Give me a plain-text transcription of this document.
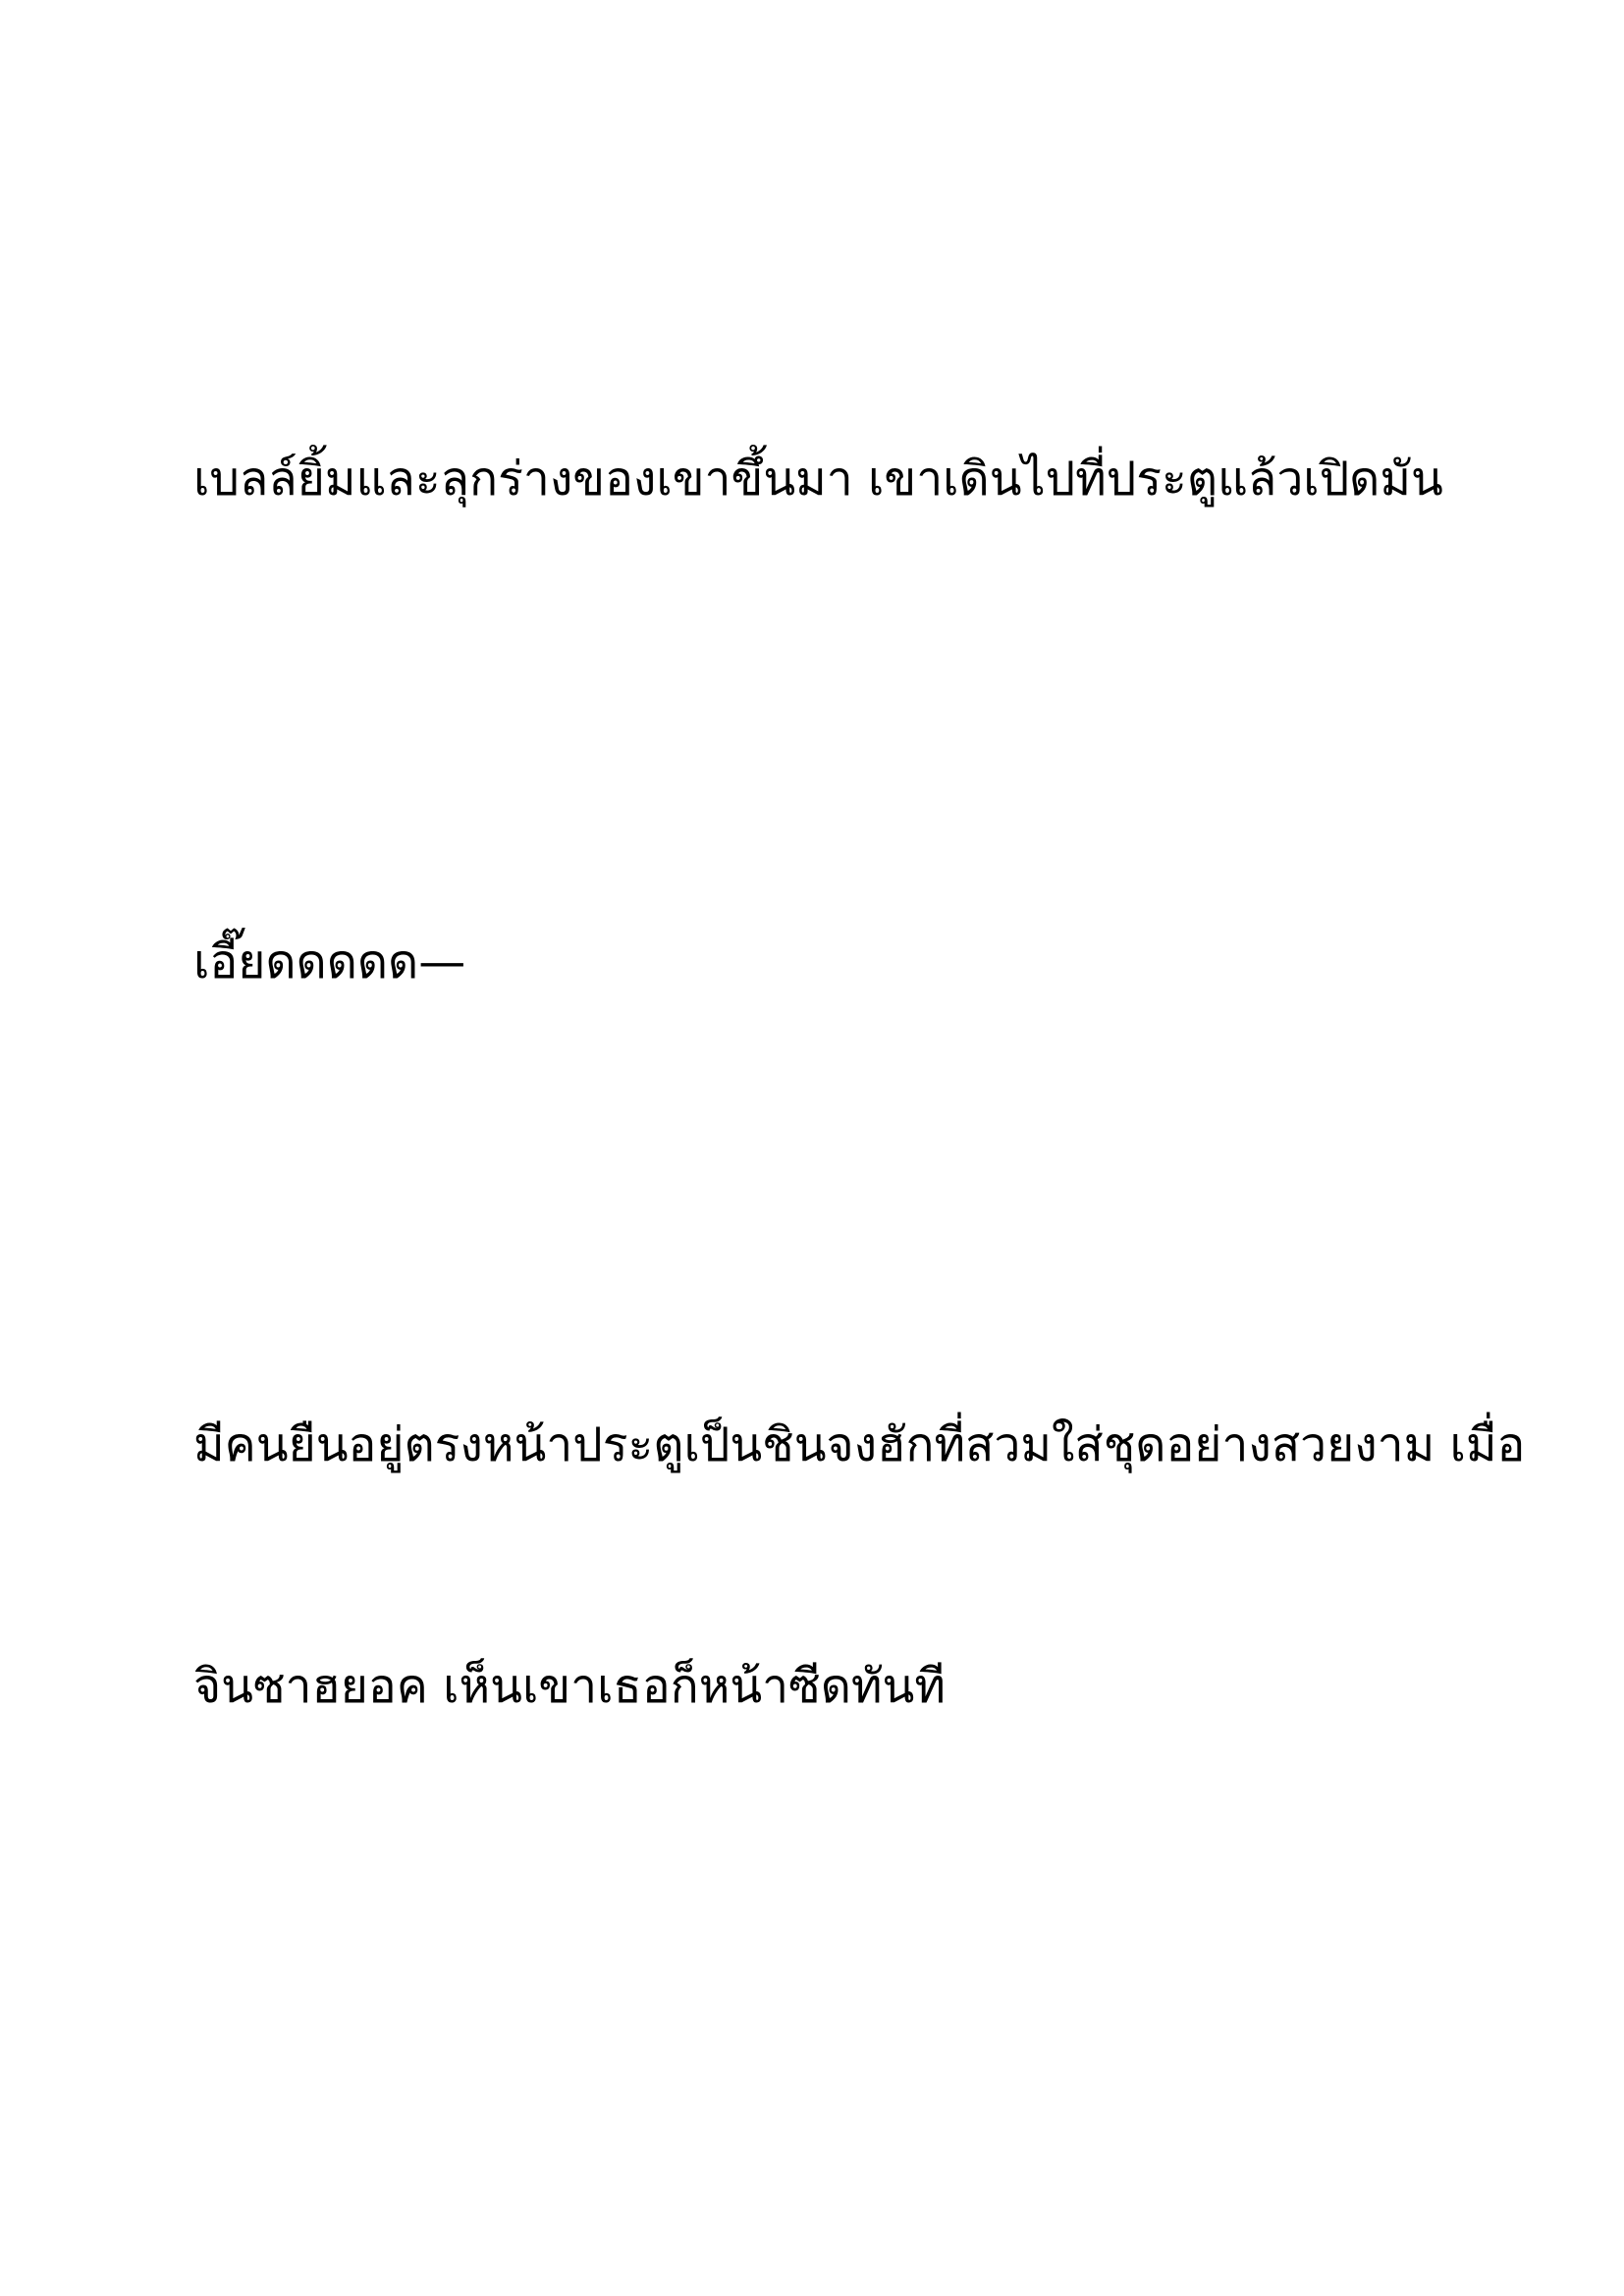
เบลล์ยิ้มและลุกร่างของเขาขึ้นมา เขาเดินไปที่ประตูแล้วเปิดมัน

เอี๊ยดดดดด—

มีคนยืนอยู่ตรงหน้าประตูเป็นชินจงฮักที่สวมใส่ชุดอย่างสวยงาม เมื่อ

จินซาฮยอค เห็นเขาเธอก็หน้าซีดทันที
